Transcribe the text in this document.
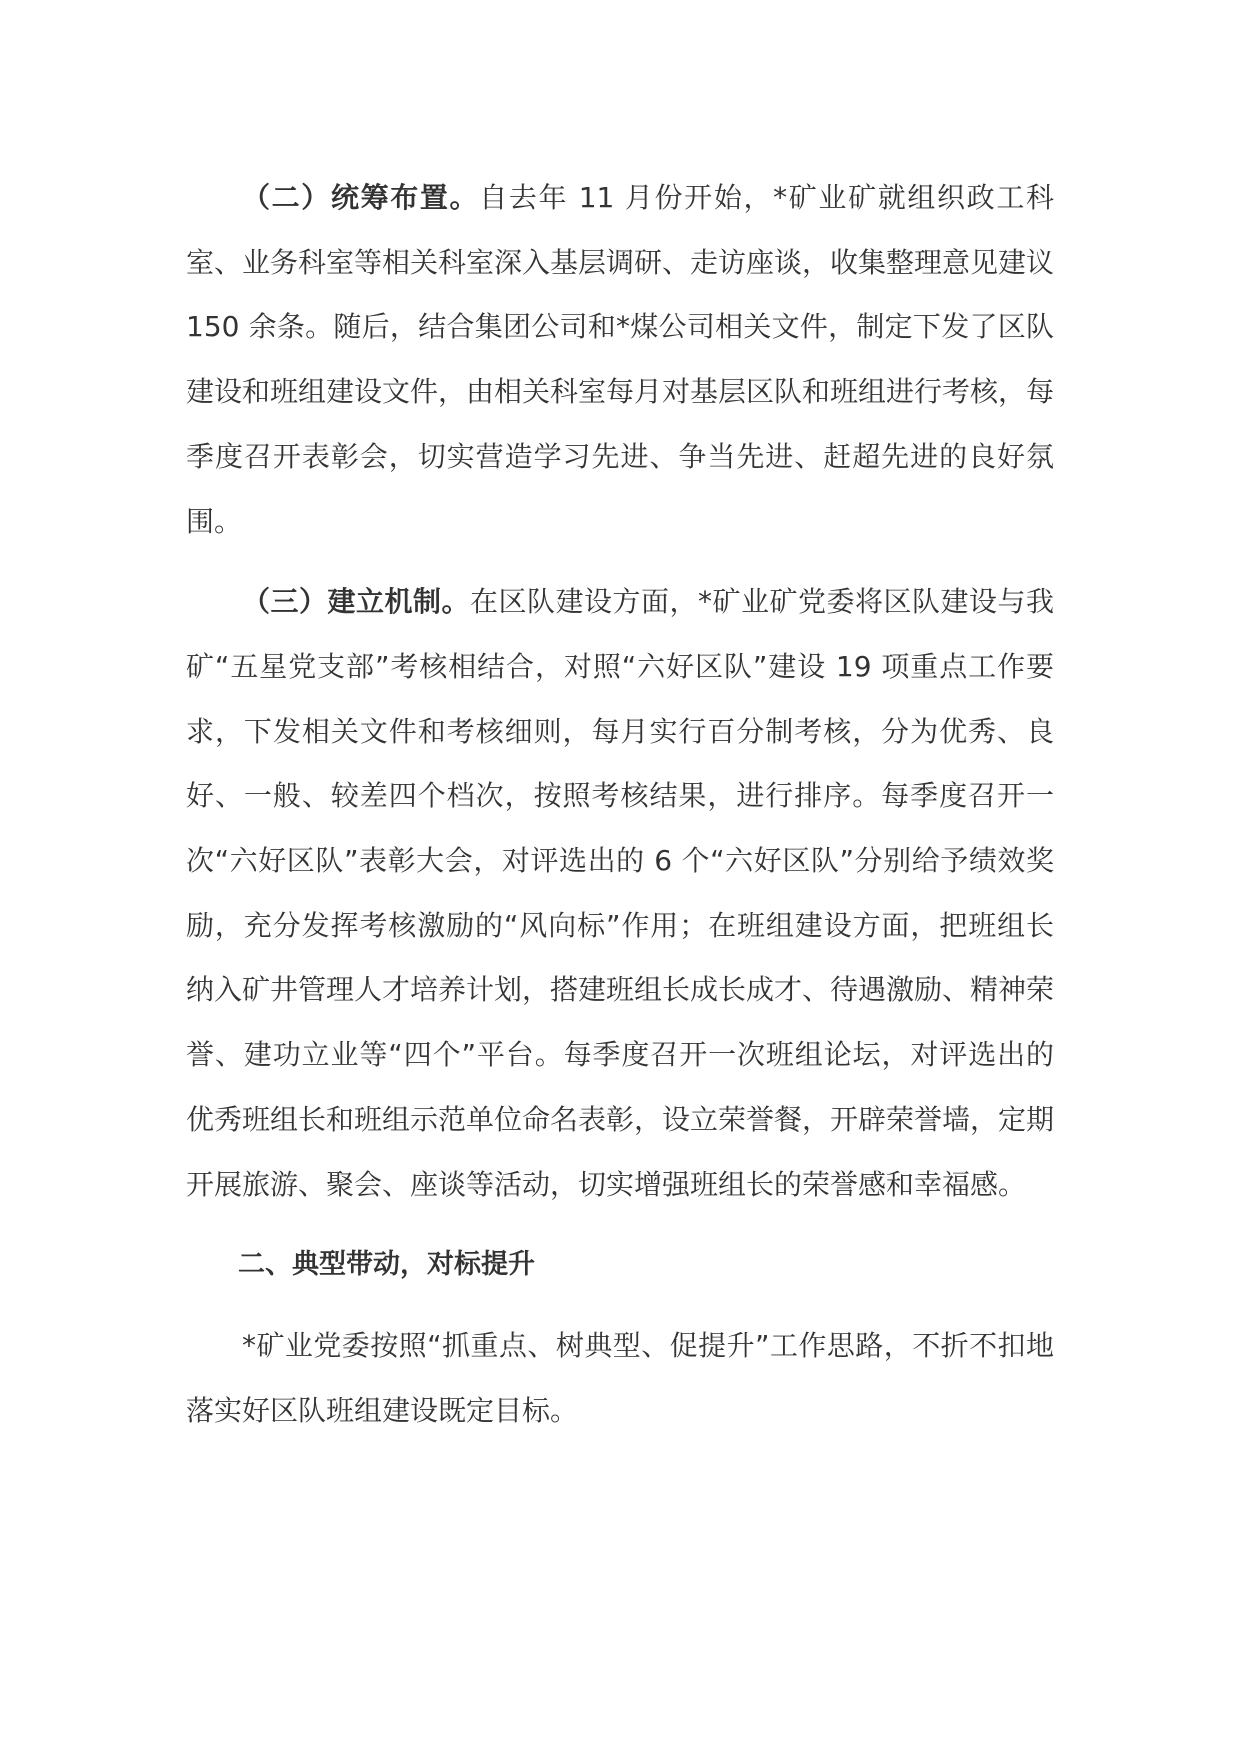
（二）统筹布置。自去年 11 月份开始，*矿业矿就组织政工科室、业务科室等相关科室深入基层调研、走访座谈，收集整理意见建议 150 余条。随后，结合集团公司和*煤公司相关文件，制定下发了区队建设和班组建设文件，由相关科室每月对基层区队和班组进行考核，每季度召开表彰会，切实营造学习先进、争当先进、赶超先进的良好氛围。

（三）建立机制。在区队建设方面，*矿业矿党委将区队建设与我矿“五星党支部”考核相结合，对照“六好区队”建设 19 项重点工作要求，下发相关文件和考核细则，每月实行百分制考核，分为优秀、良好、一般、较差四个档次，按照考核结果，进行排序。每季度召开一次“六好区队”表彰大会，对评选出的 6 个“六好区队”分别给予绩效奖励，充分发挥考核激励的“风向标”作用；在班组建设方面，把班组长纳入矿井管理人才培养计划，搭建班组长成长成才、待遇激励、精神荣誉、建功立业等“四个”平台。每季度召开一次班组论坛，对评选出的优秀班组长和班组示范单位命名表彰，设立荣誉餐，开辟荣誉墙，定期开展旅游、聚会、座谈等活动，切实增强班组长的荣誉感和幸福感。

二、典型带动，对标提升

*矿业党委按照“抓重点、树典型、促提升”工作思路，不折不扣地落实好区队班组建设既定目标。
